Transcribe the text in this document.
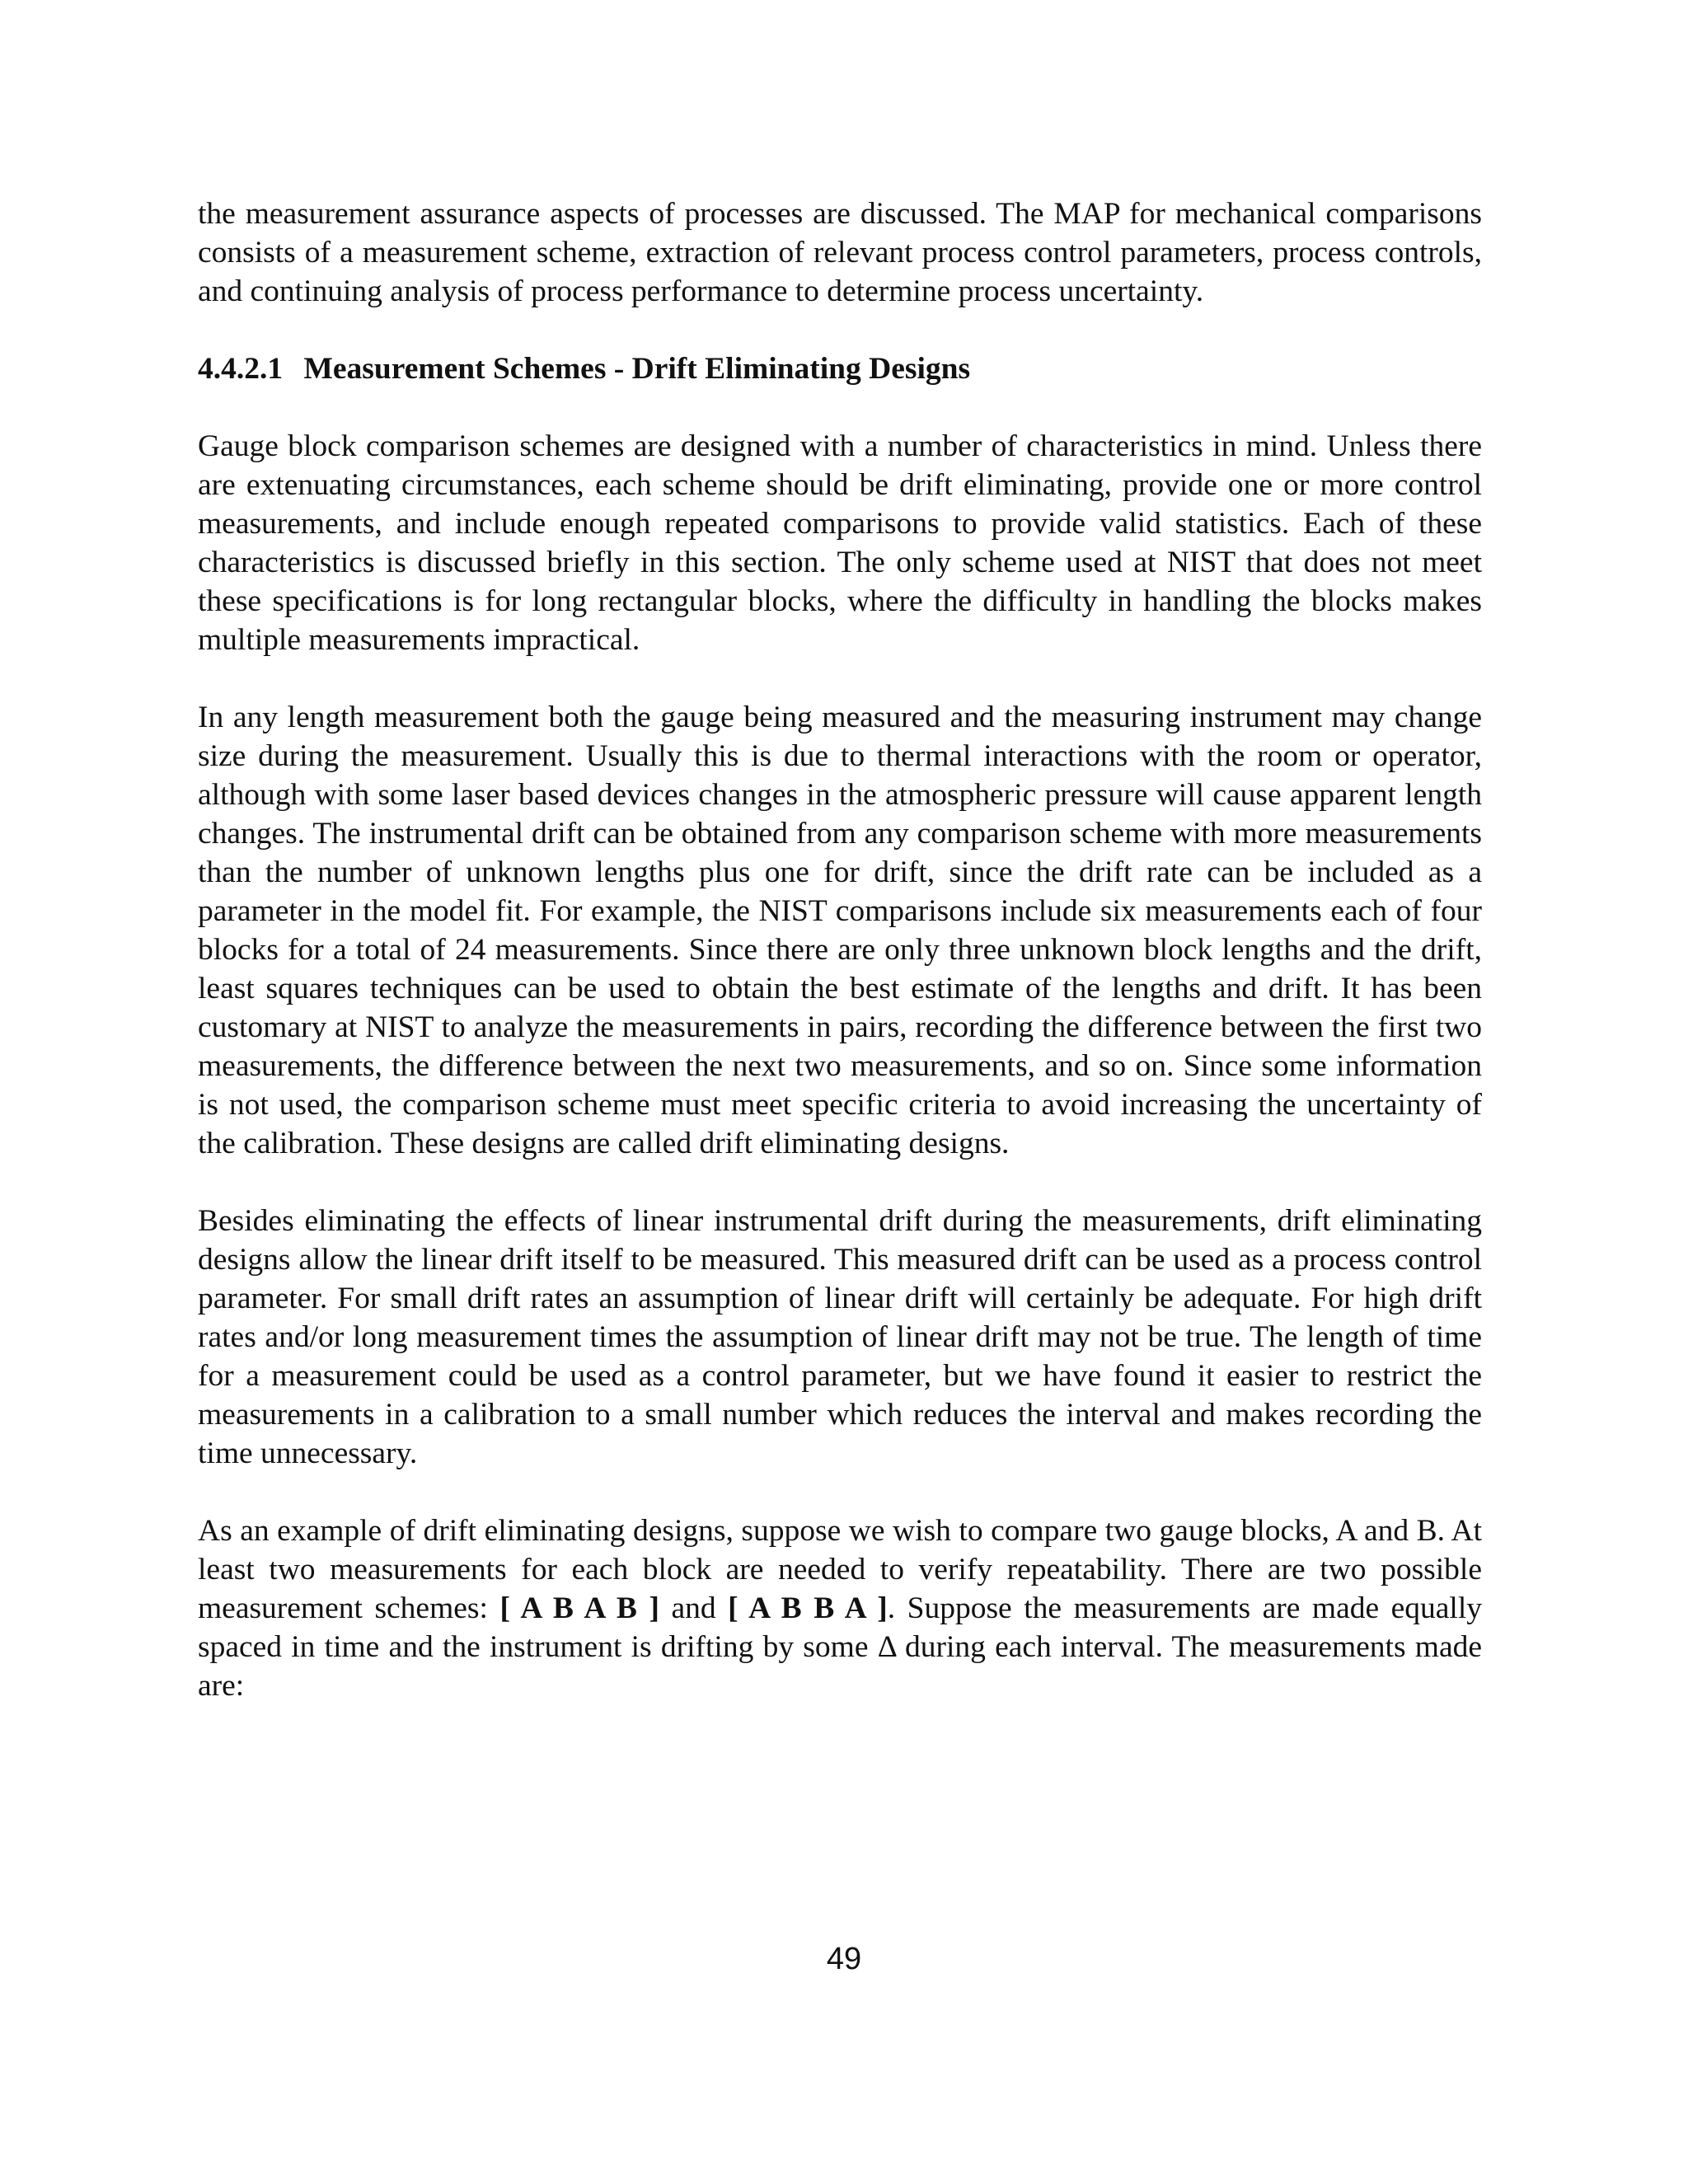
the measurement assurance aspects of processes are discussed. The MAP for mechanical comparisons consists of a measurement scheme, extraction of relevant process control parameters, process controls, and continuing analysis of process performance to determine process uncertainty.

4.4.2.1 Measurement Schemes - Drift Eliminating Designs

Gauge block comparison schemes are designed with a number of characteristics in mind. Unless there are extenuating circumstances, each scheme should be drift eliminating, provide one or more control measurements, and include enough repeated comparisons to provide valid statistics. Each of these characteristics is discussed briefly in this section. The only scheme used at NIST that does not meet these specifications is for long rectangular blocks, where the difficulty in handling the blocks makes multiple measurements impractical.

In any length measurement both the gauge being measured and the measuring instrument may change size during the measurement. Usually this is due to thermal interactions with the room or operator, although with some laser based devices changes in the atmospheric pressure will cause apparent length changes. The instrumental drift can be obtained from any comparison scheme with more measurements than the number of unknown lengths plus one for drift, since the drift rate can be included as a parameter in the model fit. For example, the NIST comparisons include six measurements each of four blocks for a total of 24 measurements. Since there are only three unknown block lengths and the drift, least squares techniques can be used to obtain the best estimate of the lengths and drift. It has been customary at NIST to analyze the measurements in pairs, recording the difference between the first two measurements, the difference between the next two measurements, and so on. Since some information is not used, the comparison scheme must meet specific criteria to avoid increasing the uncertainty of the calibration. These designs are called drift eliminating designs.

Besides eliminating the effects of linear instrumental drift during the measurements, drift eliminating designs allow the linear drift itself to be measured. This measured drift can be used as a process control parameter. For small drift rates an assumption of linear drift will certainly be adequate. For high drift rates and/or long measurement times the assumption of linear drift may not be true. The length of time for a measurement could be used as a control parameter, but we have found it easier to restrict the measurements in a calibration to a small number which reduces the interval and makes recording the time unnecessary.

As an example of drift eliminating designs, suppose we wish to compare two gauge blocks, A and B. At least two measurements for each block are needed to verify repeatability. There are two possible measurement schemes: [ A B A B ] and [ A B B A ]. Suppose the measurements are made equally spaced in time and the instrument is drifting by some Δ during each interval. The measurements made are:

49
